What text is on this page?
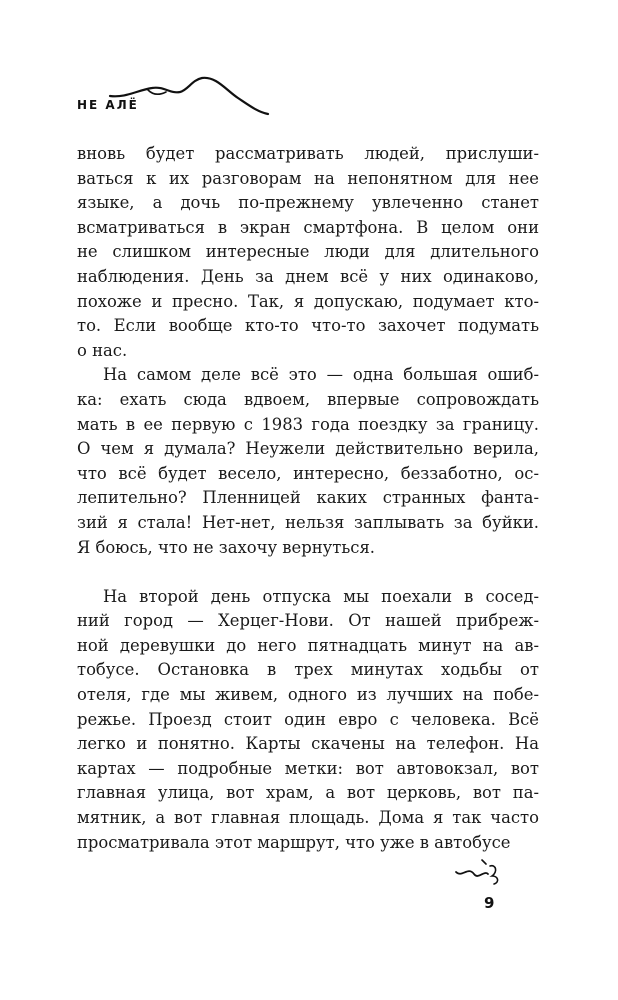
НЕ АЛЁ
вновь будет рассматривать людей, прислуши-
ваться к их разговорам на непонятном для нее
языке, а дочь по-прежнему увлеченно станет
всматриваться в экран смартфона. В целом они
не слишком интересные люди для длительного
наблюдения. День за днем всё у них одинаково,
похоже и пресно. Так, я допускаю, подумает кто-
то. Если вообще кто-то что-то захочет подумать
о нас.
На самом деле всё это — одна большая ошиб-
ка: ехать сюда вдвоем, впервые сопровождать
мать в ее первую с 1983 года поездку за границу.
О чем я думала? Неужели действительно верила,
что всё будет весело, интересно, беззаботно, ос-
лепительно? Пленницей каких странных фанта-
зий я стала! Нет-нет, нельзя заплывать за буйки.
Я боюсь, что не захочу вернуться.
На второй день отпуска мы поехали в сосед-
ний город — Херцег-Нови. От нашей прибреж-
ной деревушки до него пятнадцать минут на ав-
тобусе. Остановка в трех минутах ходьбы от
отеля, где мы живем, одного из лучших на побе-
режье. Проезд стоит один евро с человека. Всё
легко и понятно. Карты скачены на телефон. На
картах — подробные метки: вот автовокзал, вот
главная улица, вот храм, а вот церковь, вот па-
мятник, а вот главная площадь. Дома я так часто
просматривала этот маршрут, что уже в автобусе
9
